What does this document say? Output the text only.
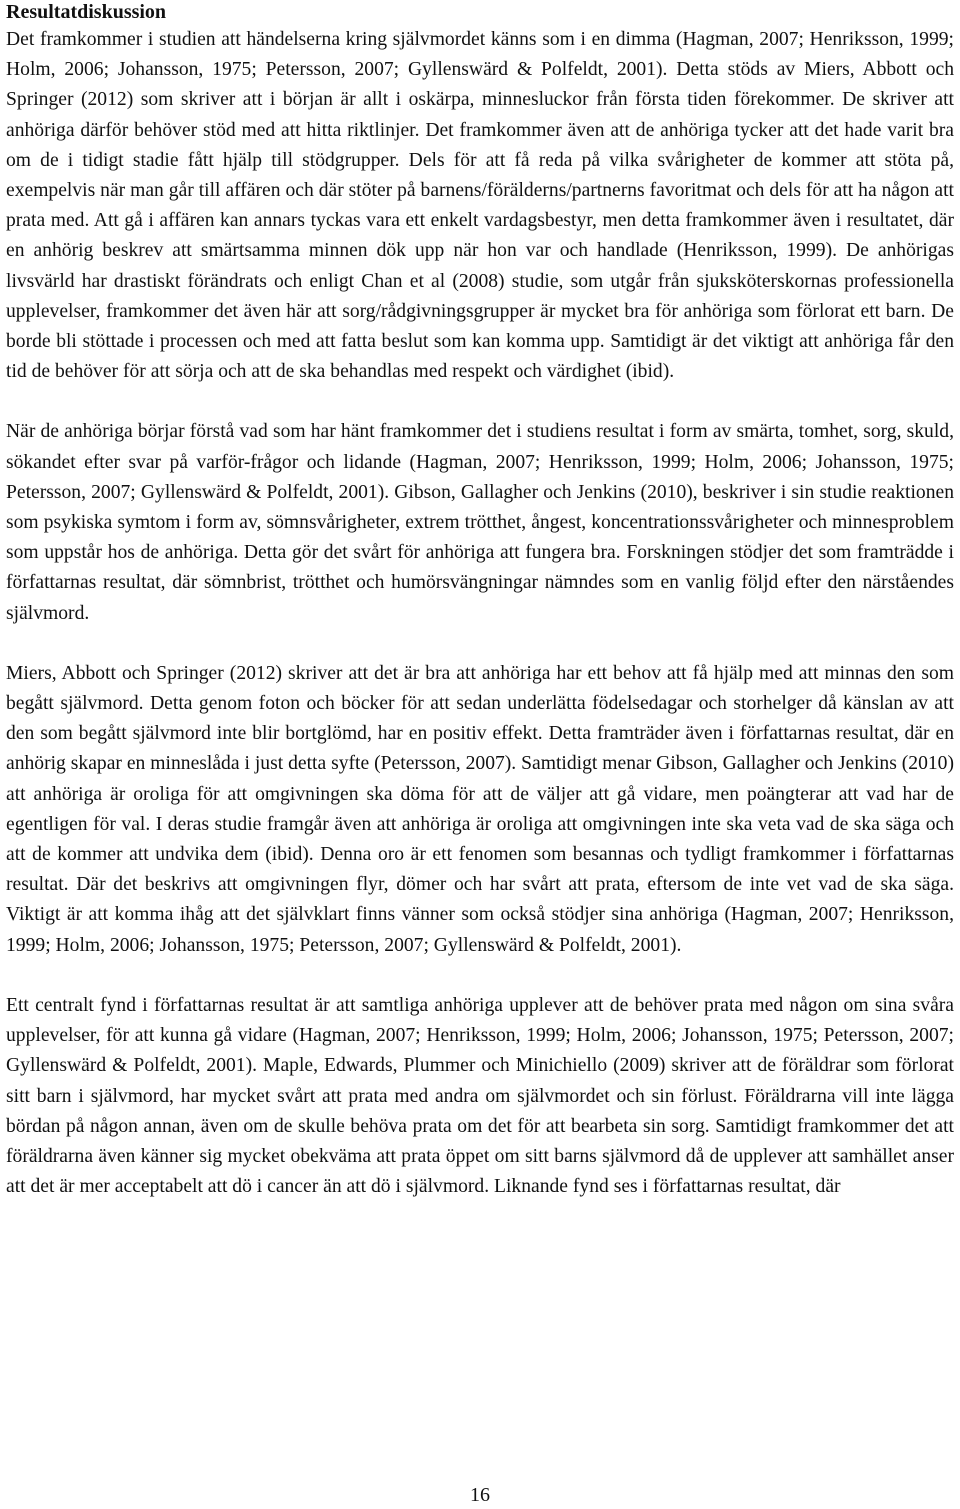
Resultatdiskussion

Det framkommer i studien att händelserna kring självmordet känns som i en dimma (Hagman, 2007; Henriksson, 1999; Holm, 2006; Johansson, 1975; Petersson, 2007; Gyllenswärd & Polfeldt, 2001). Detta stöds av Miers, Abbott och Springer (2012) som skriver att i början är allt i oskärpa, minnesluckor från första tiden förekommer. De skriver att anhöriga därför behöver stöd med att hitta riktlinjer. Det framkommer även att de anhöriga tycker att det hade varit bra om de i tidigt stadie fått hjälp till stödgrupper. Dels för att få reda på vilka svårigheter de kommer att stöta på, exempelvis när man går till affären och där stöter på barnens/förälderns/partnerns favoritmat och dels för att ha någon att prata med. Att gå i affären kan annars tyckas vara ett enkelt vardagsbestyr, men detta framkommer även i resultatet, där en anhörig beskrev att smärtsamma minnen dök upp när hon var och handlade (Henriksson, 1999). De anhörigas livsvärld har drastiskt förändrats och enligt Chan et al (2008) studie, som utgår från sjuksköterskornas professionella upplevelser, framkommer det även här att sorg/rådgivningsgrupper är mycket bra för anhöriga som förlorat ett barn. De borde bli stöttade i processen och med att fatta beslut som kan komma upp. Samtidigt är det viktigt att anhöriga får den tid de behöver för att sörja och att de ska behandlas med respekt och värdighet (ibid).

När de anhöriga börjar förstå vad som har hänt framkommer det i studiens resultat i form av smärta, tomhet, sorg, skuld, sökandet efter svar på varför-frågor och lidande (Hagman, 2007; Henriksson, 1999; Holm, 2006; Johansson, 1975; Petersson, 2007; Gyllenswärd & Polfeldt, 2001). Gibson, Gallagher och Jenkins (2010), beskriver i sin studie reaktionen som psykiska symtom i form av, sömnsvårigheter, extrem trötthet, ångest, koncentrationssvårigheter och minnesproblem som uppstår hos de anhöriga. Detta gör det svårt för anhöriga att fungera bra. Forskningen stödjer det som framträdde i författarnas resultat, där sömnbrist, trötthet och humörsvängningar nämndes som en vanlig följd efter den närståendes självmord.

Miers, Abbott och Springer (2012) skriver att det är bra att anhöriga har ett behov att få hjälp med att minnas den som begått självmord. Detta genom foton och böcker för att sedan underlätta födelsedagar och storhelger då känslan av att den som begått självmord inte blir bortglömd, har en positiv effekt. Detta framträder även i författarnas resultat, där en anhörig skapar en minneslåda i just detta syfte (Petersson, 2007). Samtidigt menar Gibson, Gallagher och Jenkins (2010) att anhöriga är oroliga för att omgivningen ska döma för att de väljer att gå vidare, men poängterar att vad har de egentligen för val. I deras studie framgår även att anhöriga är oroliga att omgivningen inte ska veta vad de ska säga och att de kommer att undvika dem (ibid). Denna oro är ett fenomen som besannas och tydligt framkommer i författarnas resultat. Där det beskrivs att omgivningen flyr, dömer och har svårt att prata, eftersom de inte vet vad de ska säga. Viktigt är att komma ihåg att det självklart finns vänner som också stödjer sina anhöriga (Hagman, 2007; Henriksson, 1999; Holm, 2006; Johansson, 1975; Petersson, 2007; Gyllenswärd & Polfeldt, 2001).

Ett centralt fynd i författarnas resultat är att samtliga anhöriga upplever att de behöver prata med någon om sina svåra upplevelser, för att kunna gå vidare (Hagman, 2007; Henriksson, 1999; Holm, 2006; Johansson, 1975; Petersson, 2007; Gyllenswärd & Polfeldt, 2001). Maple, Edwards, Plummer och Minichiello (2009) skriver att de föräldrar som förlorat sitt barn i självmord, har mycket svårt att prata med andra om självmordet och sin förlust. Föräldrarna vill inte lägga bördan på någon annan, även om de skulle behöva prata om det för att bearbeta sin sorg. Samtidigt framkommer det att föräldrarna även känner sig mycket obekväma att prata öppet om sitt barns självmord då de upplever att samhället anser att det är mer acceptabelt att dö i cancer än att dö i självmord. Liknande fynd ses i författarnas resultat, där

16
